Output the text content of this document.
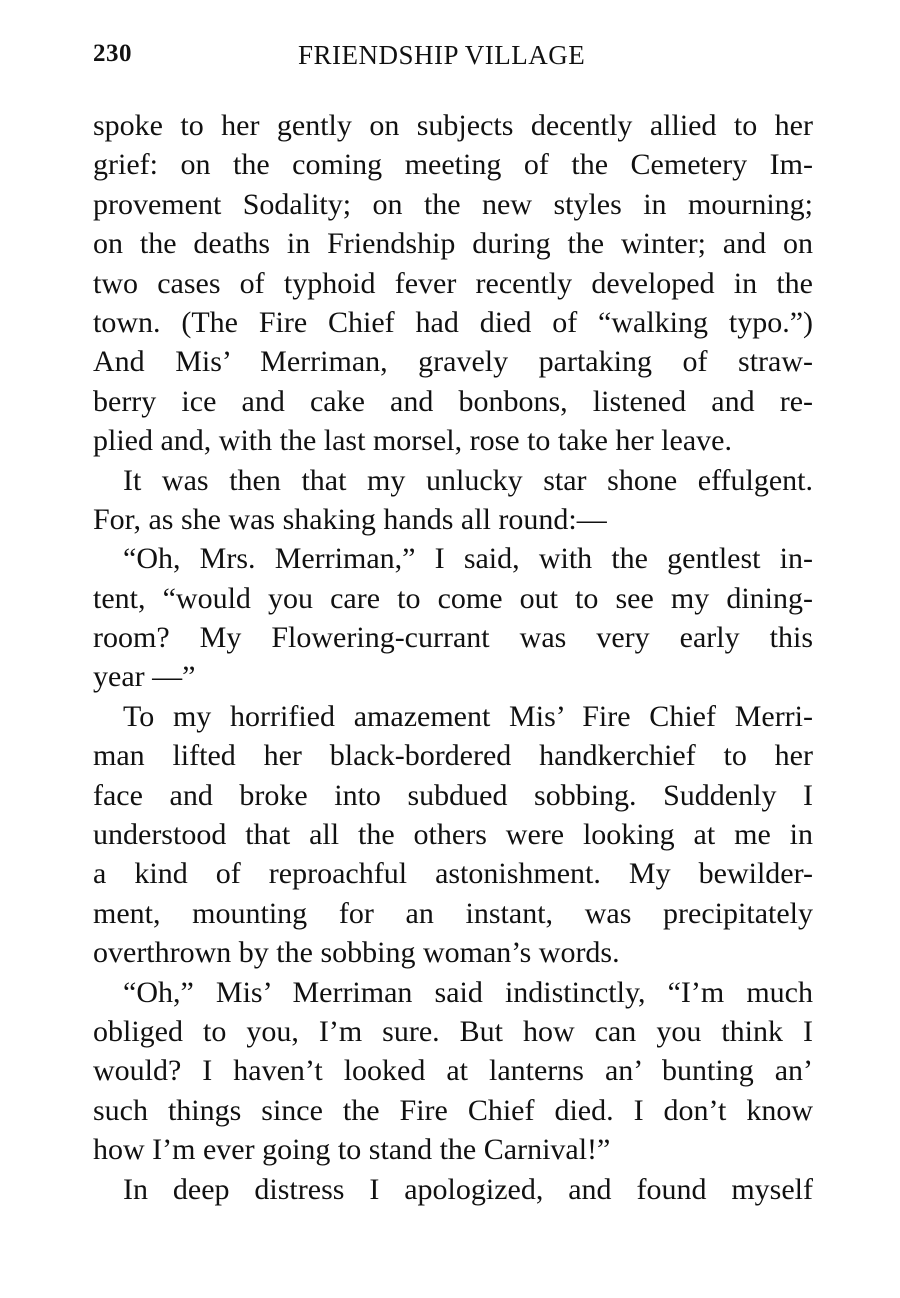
230	FRIENDSHIP VILLAGE
spoke to her gently on subjects decently allied to her
grief: on the coming meeting of the Cemetery Im-
provement Sodality; on the new styles in mourning;
on the deaths in Friendship during the winter; and on
two cases of typhoid fever recently developed in the
town. (The Fire Chief had died of “walking typo.”)
And Mis’ Merriman, gravely partaking of straw-
berry ice and cake and bonbons, listened and re-
plied and, with the last morsel, rose to take her leave.
It was then that my unlucky star shone effulgent.
For, as she was shaking hands all round:—
“Oh, Mrs. Merriman,” I said, with the gentlest in-
tent, “would you care to come out to see my dining-
room? My Flowering-currant was very early this
year —”
To my horrified amazement Mis’ Fire Chief Merri-
man lifted her black-bordered handkerchief to her
face and broke into subdued sobbing. Suddenly I
understood that all the others were looking at me in
a kind of reproachful astonishment. My bewilder-
ment, mounting for an instant, was precipitately
overthrown by the sobbing woman’s words.
“Oh,” Mis’ Merriman said indistinctly, “I’m much
obliged to you, I’m sure. But how can you think I
would? I haven’t looked at lanterns an’ bunting an’
such things since the Fire Chief died. I don’t know
how I’m ever going to stand the Carnival!”
In deep distress I apologized, and found myself
